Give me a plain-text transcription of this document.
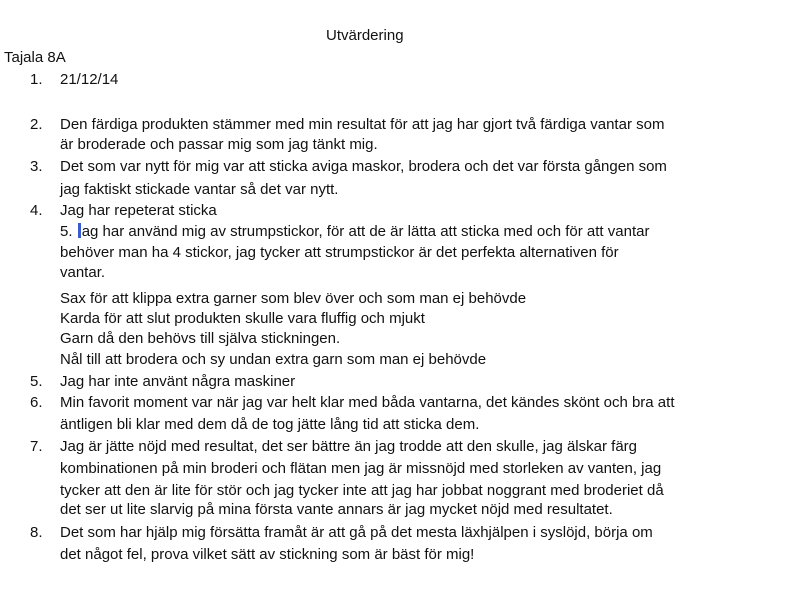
Utvärdering
Tajala 8A
1. 21/12/14
2. Den färdiga produkten stämmer med min resultat för att jag har gjort två färdiga vantar som
är broderade och passar mig som jag tänkt mig.
3. Det som var nytt för mig var att sticka aviga maskor, brodera och det var första gången som
jag faktiskt stickade vantar så det var nytt.
4. Jag har repeterat sticka
5. ag har använd mig av strumpstickor, för att de är lätta att sticka med och för att vantar
behöver man ha 4 stickor, jag tycker att strumpstickor är det perfekta alternativen för
vantar.
Sax för att klippa extra garner som blev över och som man ej behövde
Karda för att slut produkten skulle vara fluffig och mjukt
Garn då den behövs till själva stickningen.
Nål till att brodera och sy undan extra garn som man ej behövde
5. Jag har inte använt några maskiner
6. Min favorit moment var när jag var helt klar med båda vantarna, det kändes skönt och bra att
äntligen bli klar med dem då de tog jätte lång tid att sticka dem.
7. Jag är jätte nöjd med resultat, det ser bättre än jag trodde att den skulle, jag älskar färg
kombinationen på min broderi och flätan men jag är missnöjd med storleken av vanten, jag
tycker att den är lite för stör och jag tycker inte att jag har jobbat noggrant med broderiet då
det ser ut lite slarvig på mina första vante annars är jag mycket nöjd med resultatet.
8. Det som har hjälp mig försätta framåt är att gå på det mesta läxhjälpen i syslöjd, börja om
det något fel, prova vilket sätt av stickning som är bäst för mig!
